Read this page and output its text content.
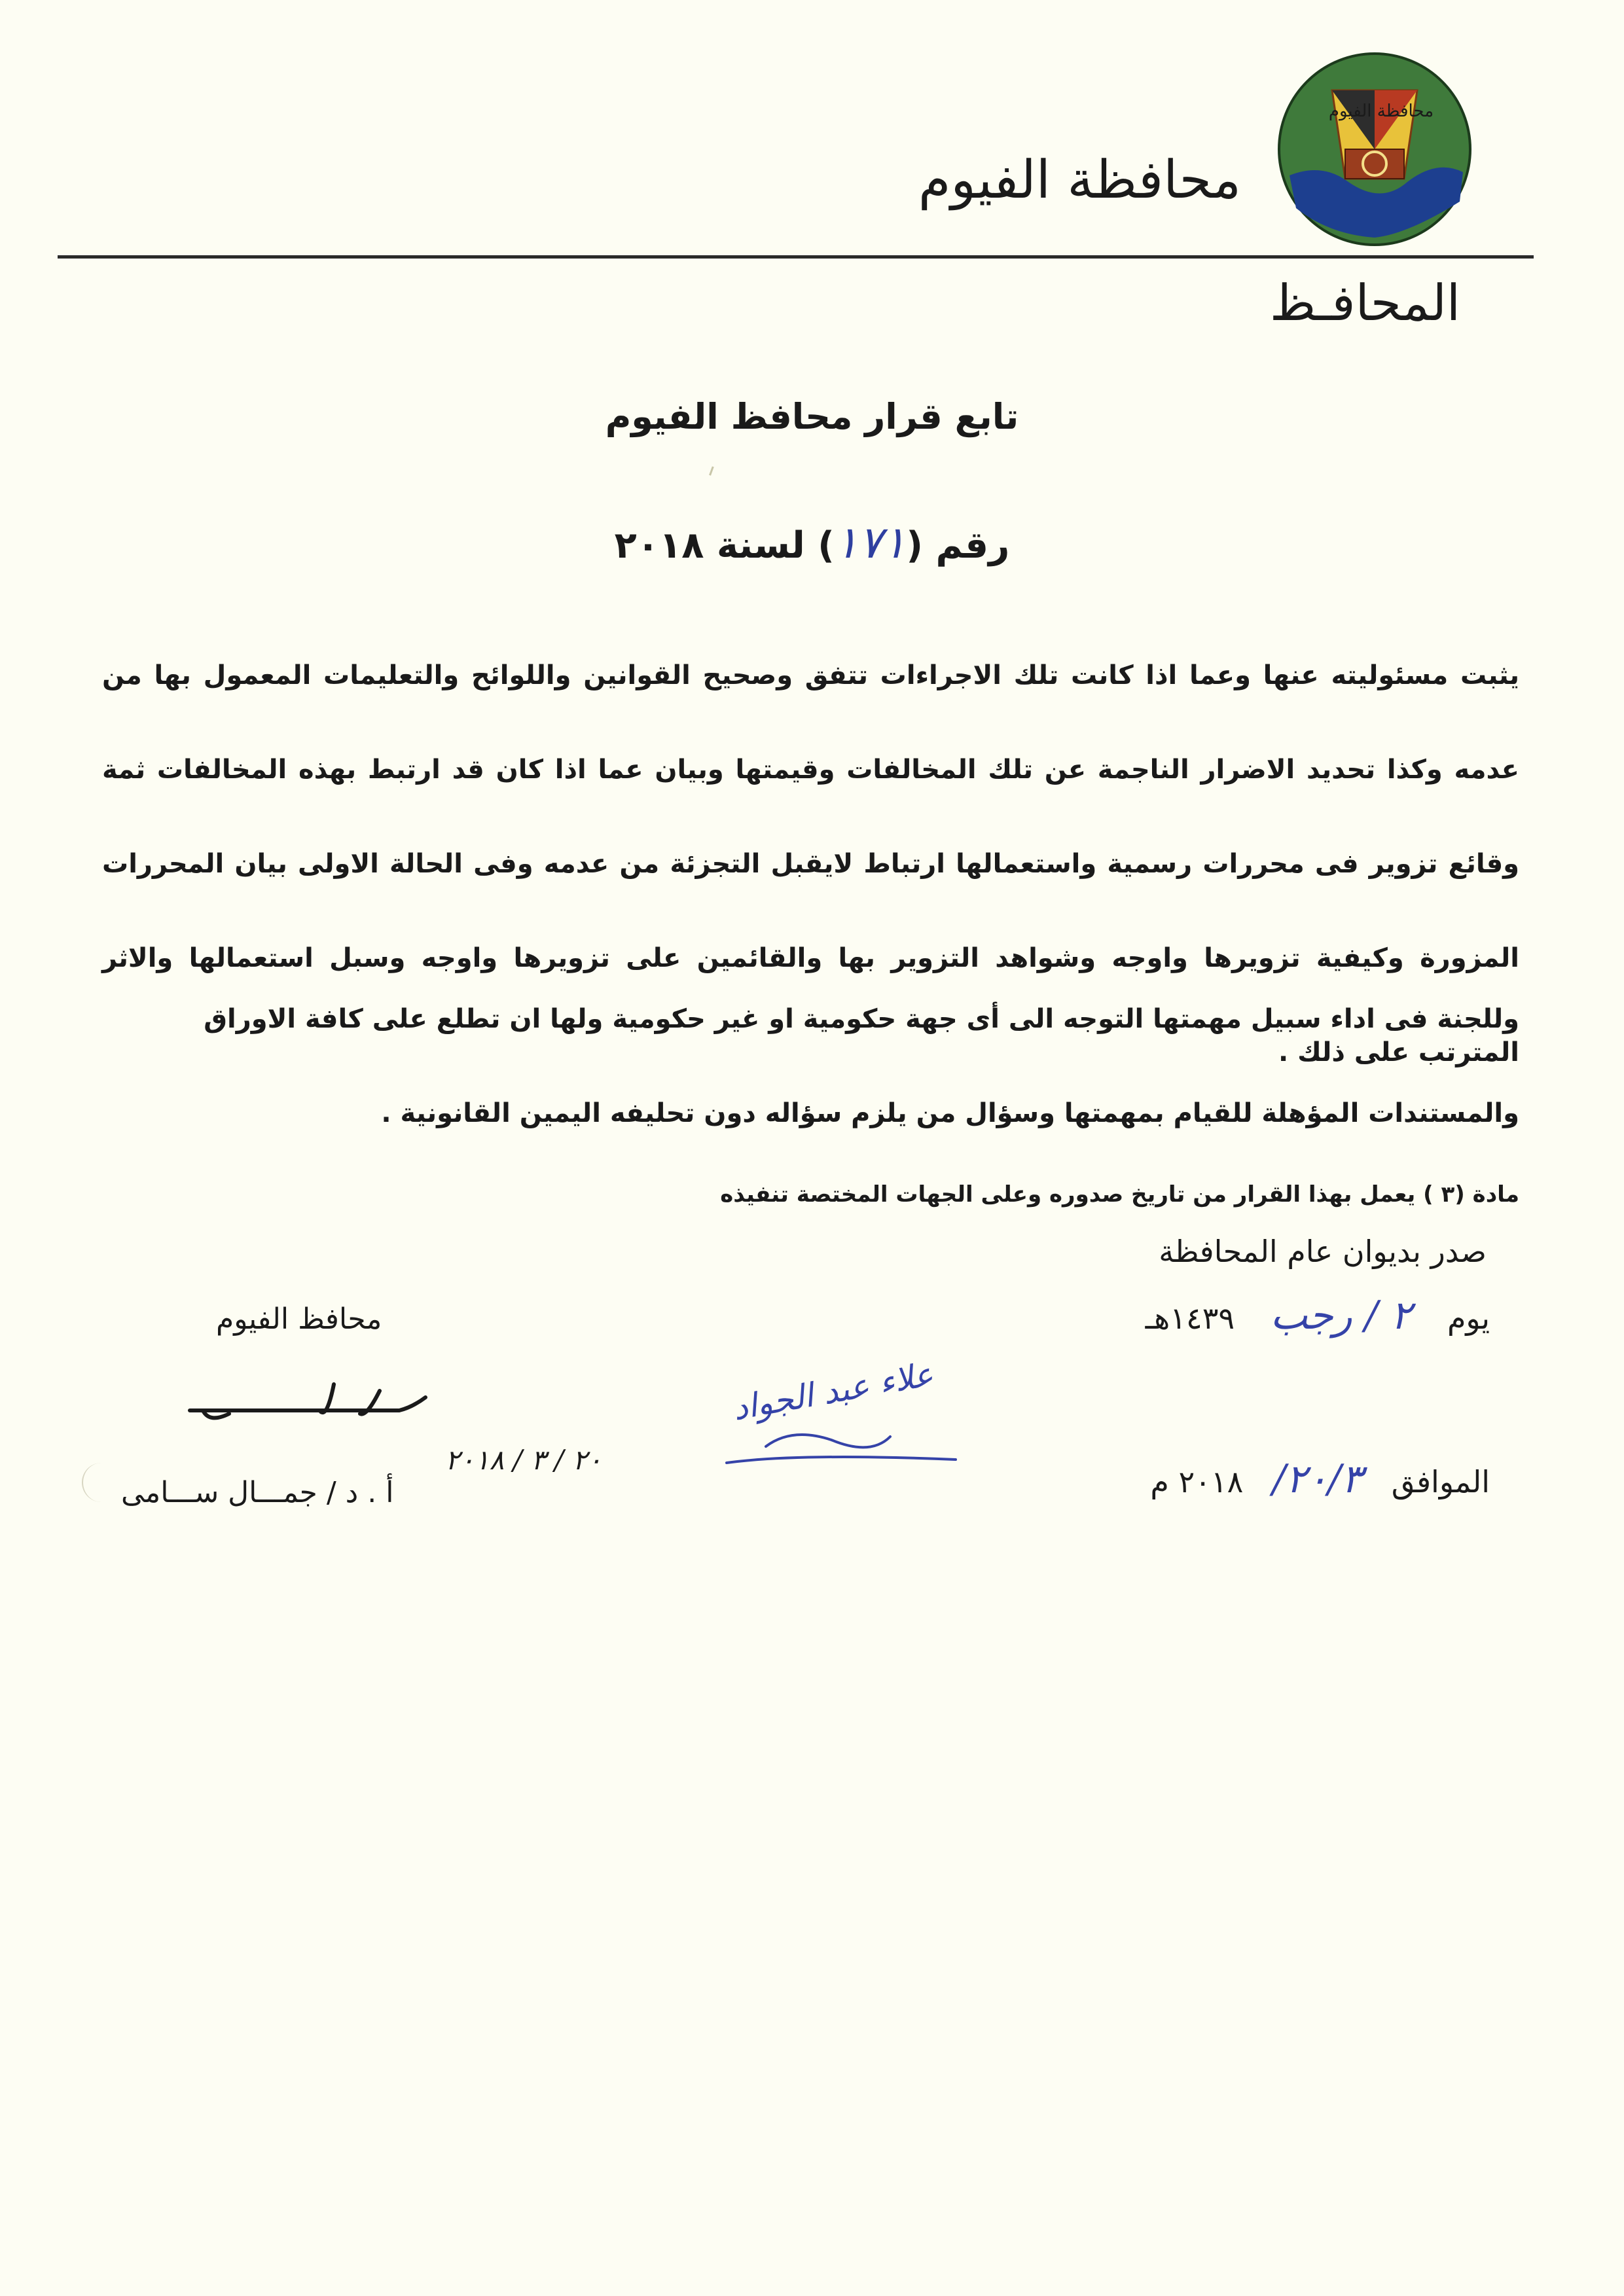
محافظة الفيوم
محافظة الفيوم
المحافـظ
تابع قرار محافظ الفيوم
رقم (١٧١) لسنة ٢٠١٨
يثبت مسئوليته عنها وعما اذا كانت تلك الاجراءات تتفق وصحيح القوانين واللوائح والتعليمات المعمول بها من عدمه وكذا تحديد الاضرار الناجمة عن تلك المخالفات وقيمتها وبيان عما اذا كان قد ارتبط بهذه المخالفات ثمة وقائع تزوير فى محررات رسمية واستعمالها ارتباط لايقبل التجزئة من عدمه وفى الحالة الاولى بيان المحررات المزورة وكيفية تزويرها واوجه وشواهد التزوير بها والقائمين على تزويرها واوجه وسبل استعمالها والاثر المترتب على ذلك .
وللجنة فى اداء سبيل مهمتها التوجه الى أى جهة حكومية او غير حكومية ولها ان تطلع على كافة الاوراق والمستندات المؤهلة للقيام بمهمتها وسؤال من يلزم سؤاله دون تحليفه اليمين القانونية .
مادة (٣ ) يعمل بهذا القرار من تاريخ صدوره وعلى الجهات المختصة تنفيذه
صدر بديوان عام المحافظة
يوم ٢ / رجب ١٤٣٩هـ
الموافق ٢٠/٣/ ٢٠١٨ م
محافظ الفيوم
٢٠ / ٣ / ٢٠١٨
أ . د / جمـــال ســـامى
علاء عبد الجواد
